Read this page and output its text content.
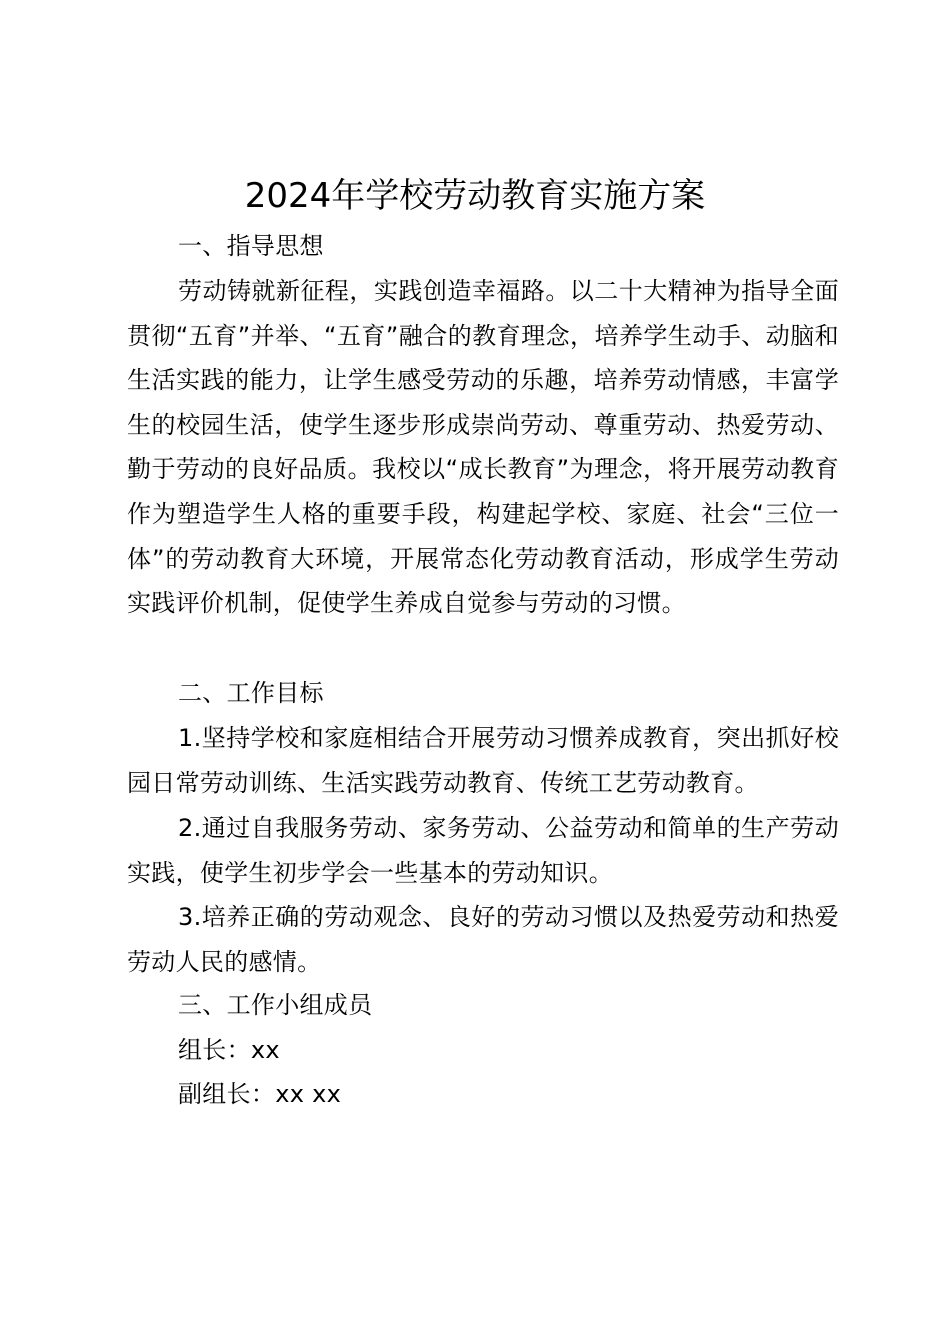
2024年学校劳动教育实施方案
一、指导思想
劳动铸就新征程，实践创造幸福路。以二十大精神为指导全面贯彻“五育”并举、“五育”融合的教育理念，培养学生动手、动脑和生活实践的能力，让学生感受劳动的乐趣，培养劳动情感，丰富学生的校园生活，使学生逐步形成崇尚劳动、尊重劳动、热爱劳动、勤于劳动的良好品质。我校以“成长教育”为理念，将开展劳动教育作为塑造学生人格的重要手段，构建起学校、家庭、社会“三位一体”的劳动教育大环境，开展常态化劳动教育活动，形成学生劳动实践评价机制，促使学生养成自觉参与劳动的习惯。
二、工作目标
1.坚持学校和家庭相结合开展劳动习惯养成教育，突出抓好校园日常劳动训练、生活实践劳动教育、传统工艺劳动教育。
2.通过自我服务劳动、家务劳动、公益劳动和简单的生产劳动实践，使学生初步学会一些基本的劳动知识。
3.培养正确的劳动观念、良好的劳动习惯以及热爱劳动和热爱劳动人民的感情。
三、工作小组成员
组长：xx
副组长：xx xx
